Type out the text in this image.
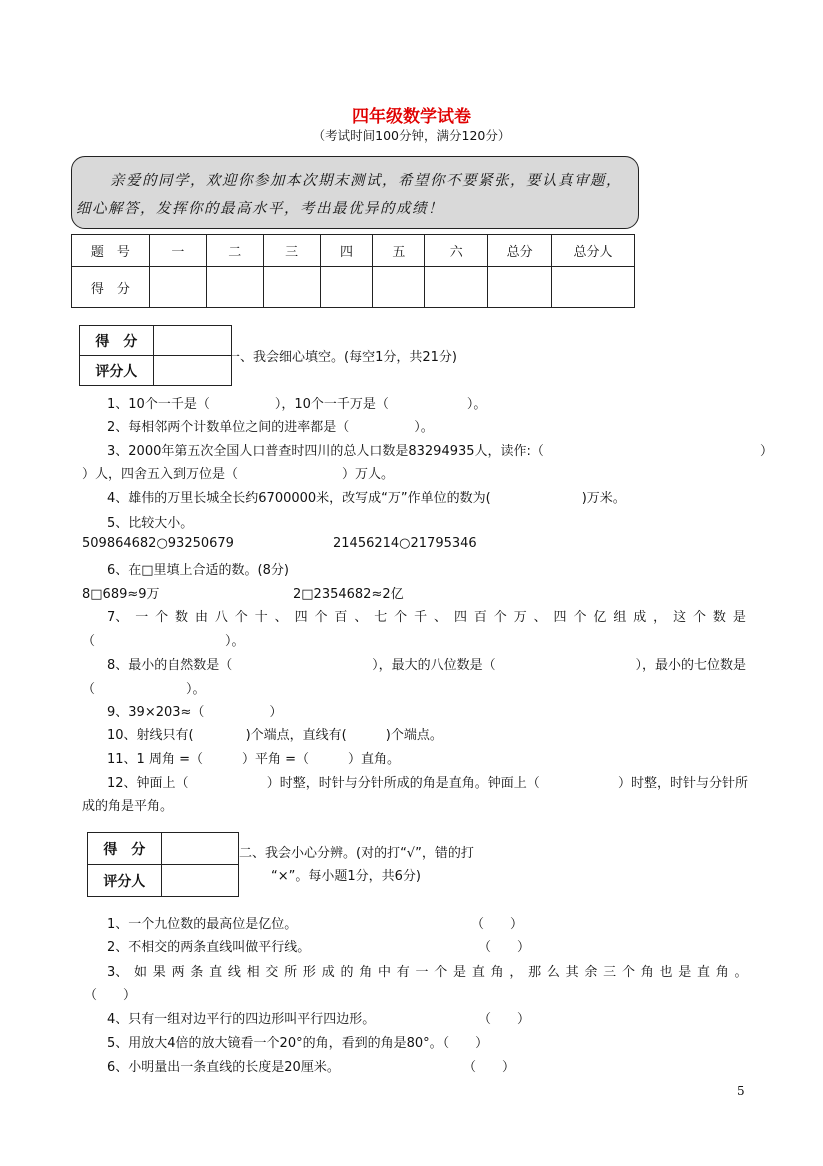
四年级数学试卷
（考试时间100分钟，满分120分）
亲爱的同学，欢迎你参加本次期末测试，希望你不要紧张，要认真审题，
细心解答，发挥你的最高水平，考出最优异的成绩！
题　号	一	二	三	四	五	六	总分	总分人
得　分								
得　分	
评分人	
一、我会细心填空。(每空1分，共21分)
1、10个一千是（　　　　　），10个一千万是（　　　　　　）。
2、每相邻两个计数单位之间的进率都是（　　　　　）。
3、2000年第五次全国人口普查时四川的总人口数是83294935人，读作:（	）
）人，四舍五入到万位是（　　　　　　　　）万人。
4、雄伟的万里长城全长约6700000米，改写成“万”作单位的数为(　　　　　　　)万米。
5、比较大小。
509864682○93250679	21456214○21795346
6、在□里填上合适的数。(8分)
8□689≈9万	2□2354682≈2亿
7、 一 个 数 由 八 个 十 、 四 个 百 、 七 个 千 、 四 百 个 万 、 四 个 亿 组 成 ， 这 个 数 是
（　　　　　　　　　　）。
8、最小的自然数是（	），最大的八位数是（	），最小的七位数是
（　　　　　　　）。
9、39×203≈（　　　　　）
10、射线只有(　　　　)个端点，直线有(　　　)个端点。
11、1 周角 =（　　　）平角 =（　　　）直角。
12、钟面上（	）时整，时针与分针所成的角是直角。钟面上（	）时整，时针与分针所
成的角是平角。
得　分	
评分人	
二、我会小心分辨。(对的打“√”，错的打
“×”。每小题1分，共6分)
1、一个九位数的最高位是亿位。	（　　）
2、不相交的两条直线叫做平行线。	（　　）
3、 如 果 两 条 直 线 相 交 所 形 成 的 角 中 有 一 个 是 直 角 ， 那 么 其 余 三 个 角 也 是 直 角 。
（　　）
4、只有一组对边平行的四边形叫平行四边形。	（　　）
5、用放大4倍的放大镜看一个20°的角，看到的角是80°。（　　）
6、小明量出一条直线的长度是20厘米。	（　　）
5
